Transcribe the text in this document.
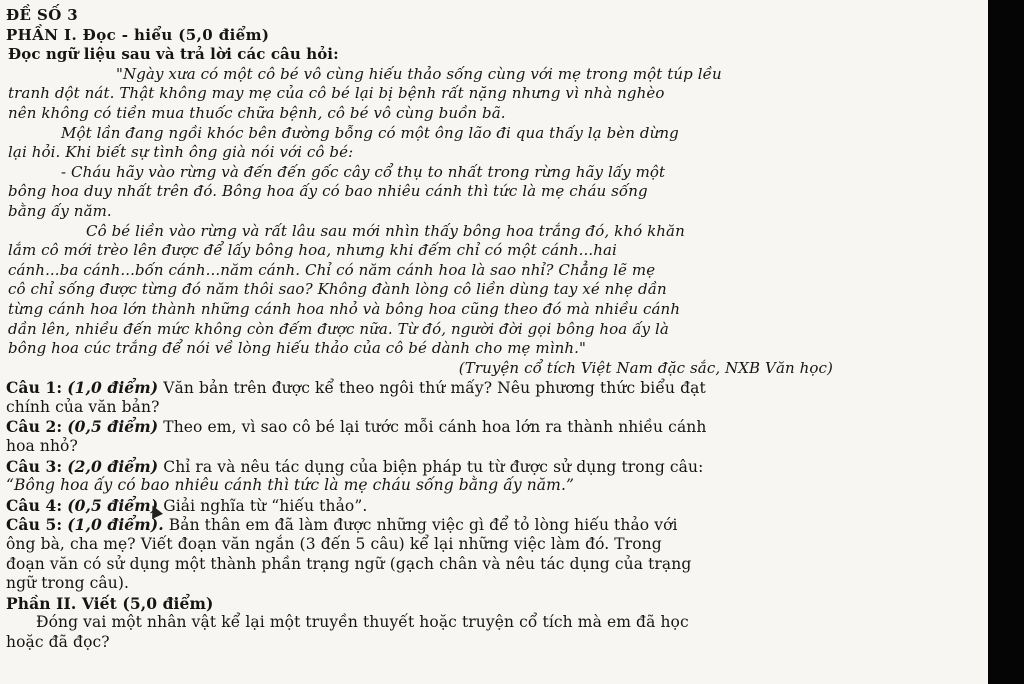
ĐỀ SỐ 3
PHẦN I. Đọc - hiểu (5,0 điểm)
Đọc ngữ liệu sau và trả lời các câu hỏi:
"Ngày xưa có một cô bé vô cùng hiếu thảo sống cùng với mẹ trong một túp lều
tranh dột nát. Thật không may mẹ của cô bé lại bị bệnh rất nặng nhưng vì nhà nghèo
nên không có tiền mua thuốc chữa bệnh, cô bé vô cùng buồn bã.
Một lần đang ngồi khóc bên đường bỗng có một ông lão đi qua thấy lạ bèn dừng
lại hỏi. Khi biết sự tình ông già nói với cô bé:
- Cháu hãy vào rừng và đến đến gốc cây cổ thụ to nhất trong rừng hãy lấy một
bông hoa duy nhất trên đó. Bông hoa ấy có bao nhiêu cánh thì tức là mẹ cháu sống
bằng ấy năm.
Cô bé liền vào rừng và rất lâu sau mới nhìn thấy bông hoa trắng đó, khó khăn
lắm cô mới trèo lên được để lấy bông hoa, nhưng khi đếm chỉ có một cánh...hai
cánh...ba cánh...bốn cánh...năm cánh. Chỉ có năm cánh hoa là sao nhỉ? Chẳng lẽ mẹ
cô chỉ sống được từng đó năm thôi sao? Không đành lòng cô liền dùng tay xé nhẹ dần
từng cánh hoa lớn thành những cánh hoa nhỏ và bông hoa cũng theo đó mà nhiều cánh
dần lên, nhiều đến mức không còn đếm được nữa. Từ đó, người đời gọi bông hoa ấy là
bông hoa cúc trắng để nói về lòng hiếu thảo của cô bé dành cho mẹ mình."
(Truyện cổ tích Việt Nam đặc sắc, NXB Văn học)
Câu 1: (1,0 điểm) Văn bản trên được kể theo ngôi thứ mấy? Nêu phương thức biểu đạt
chính của văn bản?
Câu 2: (0,5 điểm) Theo em, vì sao cô bé lại tước mỗi cánh hoa lớn ra thành nhiều cánh
hoa nhỏ?
Câu 3: (2,0 điểm) Chỉ ra và nêu tác dụng của biện pháp tu từ được sử dụng trong câu:
“Bông hoa ấy có bao nhiêu cánh thì tức là mẹ cháu sống bằng ấy năm.”
Câu 4: (0,5 điểm) Giải nghĩa từ “hiếu thảo”.
Câu 5: (1,0 điểm). Bản thân em đã làm được những việc gì để tỏ lòng hiếu thảo với
ông bà, cha mẹ? Viết đoạn văn ngắn (3 đến 5 câu) kể lại những việc làm đó. Trong
đoạn văn có sử dụng một thành phần trạng ngữ (gạch chân và nêu tác dụng của trạng
ngữ trong câu).
Phần II. Viết (5,0 điểm)
Đóng vai một nhân vật kể lại một truyền thuyết hoặc truyện cổ tích mà em đã học
hoặc đã đọc?
